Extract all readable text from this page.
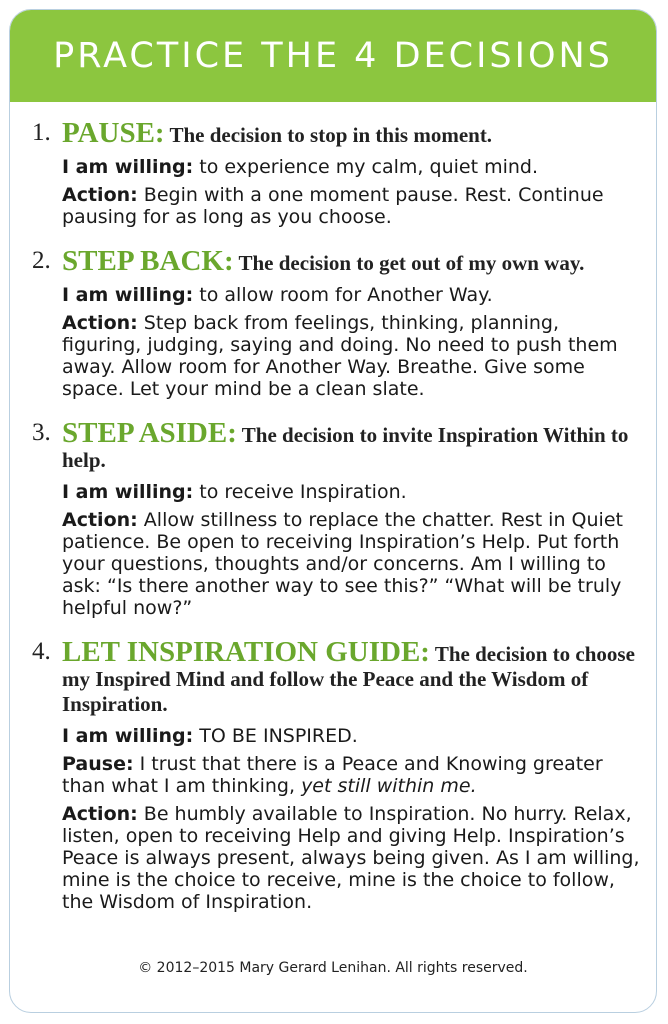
PRACTICE THE 4 DECISIONS
1. PAUSE: The decision to stop in this moment.
I am willing: to experience my calm, quiet mind.
Action: Begin with a one moment pause. Rest. Continue pausing for as long as you choose.
2. STEP BACK: The decision to get out of my own way.
I am willing: to allow room for Another Way.
Action: Step back from feelings, thinking, planning, figuring, judging, saying and doing. No need to push them away. Allow room for Another Way. Breathe. Give some space. Let your mind be a clean slate.
3. STEP ASIDE: The decision to invite Inspiration Within to help.
I am willing: to receive Inspiration.
Action: Allow stillness to replace the chatter. Rest in Quiet patience. Be open to receiving Inspiration’s Help. Put forth your questions, thoughts and/or concerns. Am I willing to ask: “Is there another way to see this?” “What will be truly helpful now?”
4. LET INSPIRATION GUIDE: The decision to choose my Inspired Mind and follow the Peace and the Wisdom of Inspiration.
I am willing: TO BE INSPIRED.
Pause: I trust that there is a Peace and Knowing greater than what I am thinking, yet still within me.
Action: Be humbly available to Inspiration. No hurry. Relax, listen, open to receiving Help and giving Help. Inspiration’s Peace is always present, always being given. As I am willing, mine is the choice to receive, mine is the choice to follow, the Wisdom of Inspiration.
© 2012–2015 Mary Gerard Lenihan. All rights reserved.
